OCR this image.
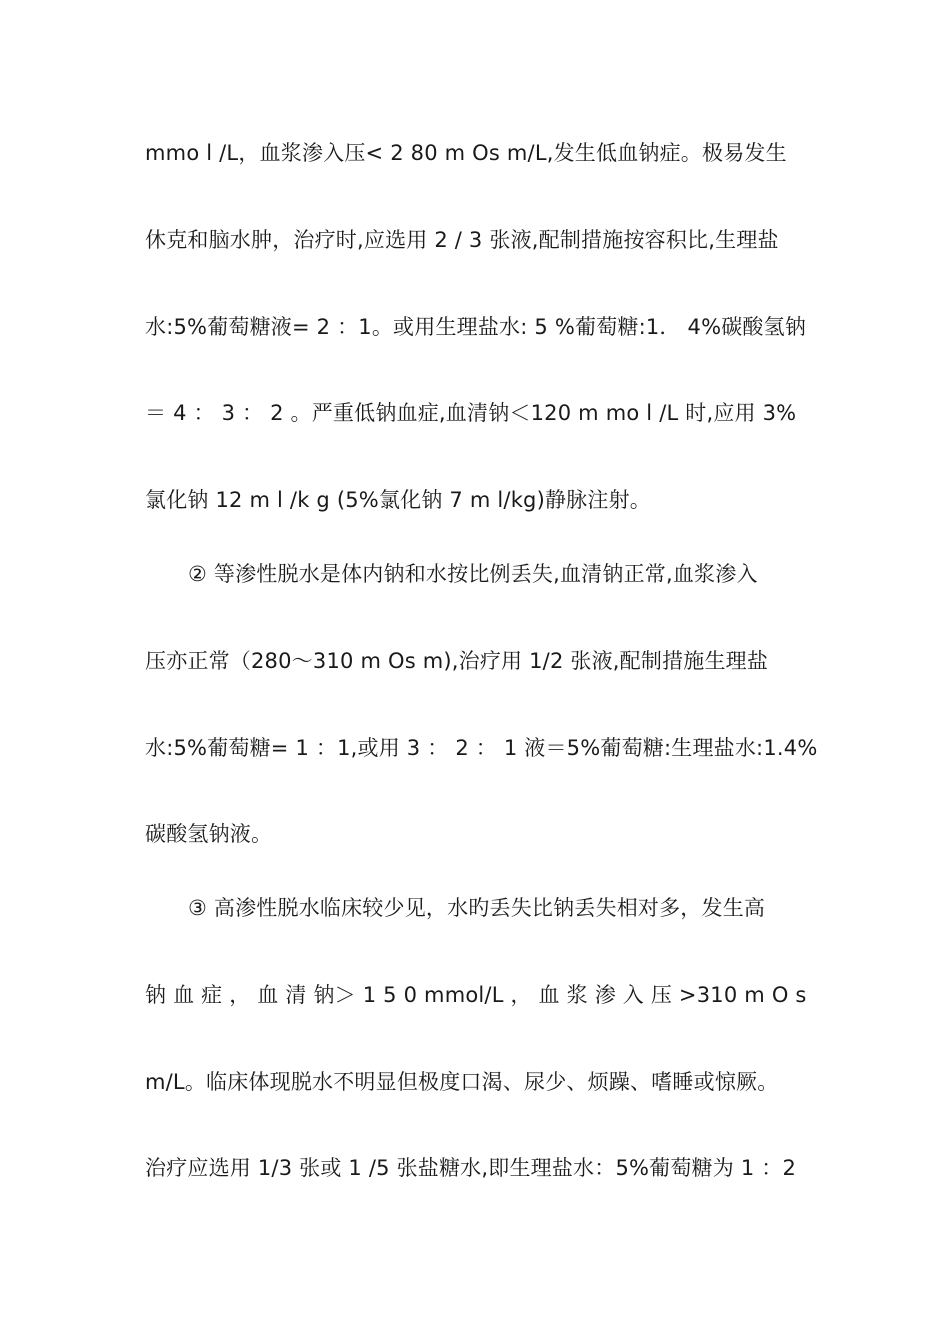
mmo l /L，血浆渗入压< 2 80 m Os m/L,发生低血钠症。极易发生
休克和脑水肿，治疗时,应选用 2 / 3 张液,配制措施按容积比,生理盐
水:5%葡萄糖液= 2 ：1。或用生理盐水: 5 %葡萄糖:1． 4%碳酸氢钠
＝ 4 ： 3 ： 2 。严重低钠血症,血清钠＜120 m mo l /L 时,应用 3%
氯化钠 12 m l /k g (5%氯化钠 7 m l/kg)静脉注射。
② 等渗性脱水是体内钠和水按比例丢失,血清钠正常,血浆渗入
压亦正常（280～310 m Os m),治疗用 1/2 张液,配制措施生理盐
水:5%葡萄糖= 1 ：1,或用 3 ： 2 ： 1 液＝5%葡萄糖:生理盐水:1.4%
碳酸氢钠液。
③ 高渗性脱水临床较少见，水旳丢失比钠丢失相对多，发生高
钠 血 症 ， 血 清 钠＞ 1 5 0 mmol/L ， 血 浆 渗 入 压 >310 m O s
m/L。临床体现脱水不明显但极度口渴、尿少、烦躁、嗜睡或惊厥。
治疗应选用 1/3 张或 1 /5 张盐糖水,即生理盐水：5%葡萄糖为 1 ：2
